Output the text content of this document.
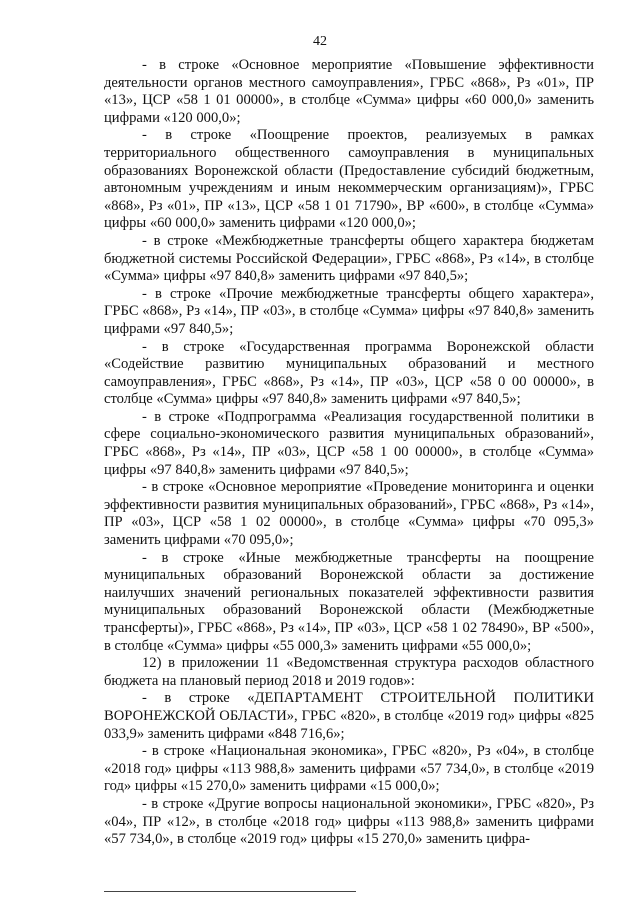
42

- в строке «Основное мероприятие «Повышение эффективности деятельности органов местного самоуправления», ГРБС «868», Рз «01», ПР «13», ЦСР «58 1 01 00000», в столбце «Сумма» цифры «60 000,0» заменить цифрами «120 000,0»;

- в строке «Поощрение проектов, реализуемых в рамках территориального общественного самоуправления в муниципальных образованиях Воронежской области (Предоставление субсидий бюджетным, автономным учреждениям и иным некоммерческим организациям)», ГРБС «868», Рз «01», ПР «13», ЦСР «58 1 01 71790», ВР «600», в столбце «Сумма» цифры «60 000,0» заменить цифрами «120 000,0»;

- в строке «Межбюджетные трансферты общего характера бюджетам бюджетной системы Российской Федерации», ГРБС «868», Рз «14», в столбце «Сумма» цифры «97 840,8» заменить цифрами «97 840,5»;

- в строке «Прочие межбюджетные трансферты общего характера», ГРБС «868», Рз «14», ПР «03», в столбце «Сумма» цифры «97 840,8» заменить цифрами «97 840,5»;

- в строке «Государственная программа Воронежской области «Содействие развитию муниципальных образований и местного самоуправления», ГРБС «868», Рз «14», ПР «03», ЦСР «58 0 00 00000», в столбце «Сумма» цифры «97 840,8» заменить цифрами «97 840,5»;

- в строке «Подпрограмма «Реализация государственной политики в сфере социально-экономического развития муниципальных образований», ГРБС «868», Рз «14», ПР «03», ЦСР «58 1 00 00000», в столбце «Сумма» цифры «97 840,8» заменить цифрами «97 840,5»;

- в строке «Основное мероприятие «Проведение мониторинга и оценки эффективности развития муниципальных образований», ГРБС «868», Рз «14», ПР «03», ЦСР «58 1 02 00000», в столбце «Сумма» цифры «70 095,3» заменить цифрами «70 095,0»;

- в строке «Иные межбюджетные трансферты на поощрение муниципальных образований Воронежской области за достижение наилучших значений региональных показателей эффективности развития муниципальных образований Воронежской области (Межбюджетные трансферты)», ГРБС «868», Рз «14», ПР «03», ЦСР «58 1 02 78490», ВР «500», в столбце «Сумма» цифры «55 000,3» заменить цифрами «55 000,0»;

12) в приложении 11 «Ведомственная структура расходов областного бюджета на плановый период 2018 и 2019 годов»:

- в строке «ДЕПАРТАМЕНТ СТРОИТЕЛЬНОЙ ПОЛИТИКИ ВОРОНЕЖСКОЙ ОБЛАСТИ», ГРБС «820», в столбце «2019 год» цифры «825 033,9» заменить цифрами «848 716,6»;

- в строке «Национальная экономика», ГРБС «820», Рз «04», в столбце «2018 год» цифры «113 988,8» заменить цифрами «57 734,0», в столбце «2019 год» цифры «15 270,0» заменить цифрами «15 000,0»;

- в строке «Другие вопросы национальной экономики», ГРБС «820», Рз «04», ПР «12», в столбце «2018 год» цифры «113 988,8» заменить цифрами «57 734,0», в столбце «2019 год» цифры «15 270,0» заменить цифра-
